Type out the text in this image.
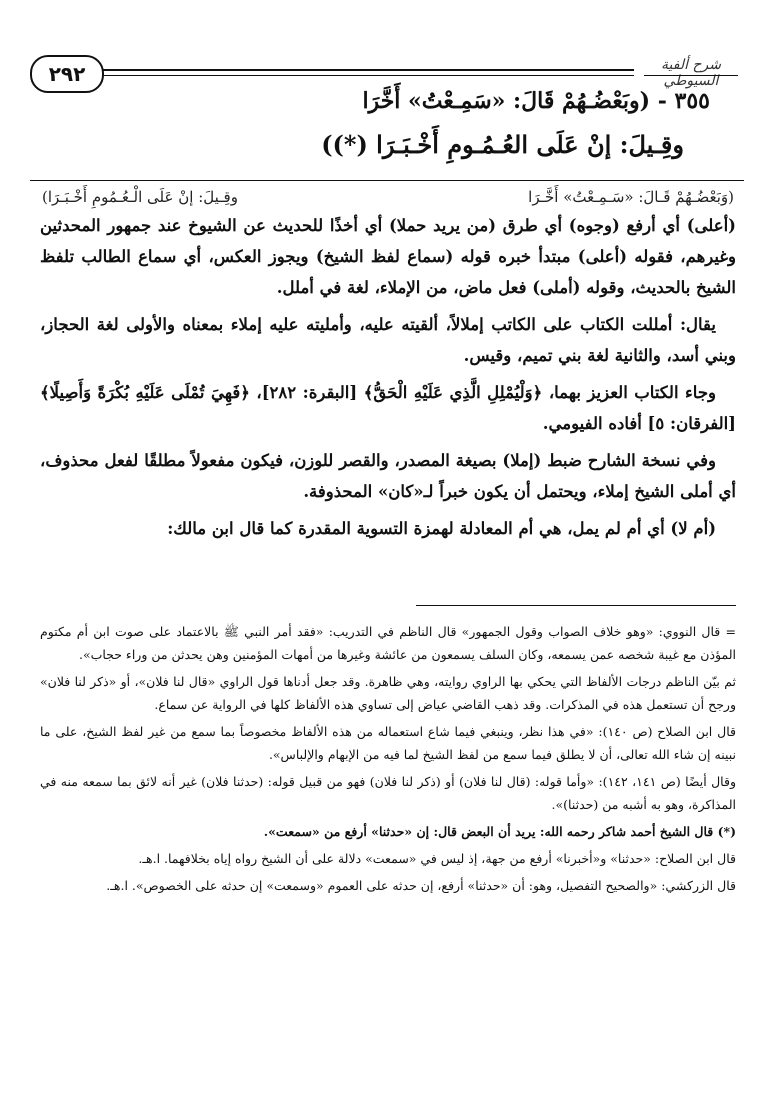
٢٩٢	شرح ألفية السيوطي
٣٥٥ - (وبَعْضُـهُمْ قَالَ: «سَمِـعْتُ» أَخَّرَا
وقِـيلَ: إنْ عَلَى العُـمُـومِ أَخْـبَـرَا (*))
(وَبَعْضُـهُمْ قَـالَ: «سَـمِـعْتُ» أَخَّـرَا
وقِـيلَ: إنْ عَلَى الْـعُـمُومِ أَخْـبَـرَا)

(أعلى) أي أرفع (وجوه) أي طرق (من يريد حملا) أي أخذًا للحديث عن الشيوخ عند جمهور المحدثين وغيرهم، فقوله (أعلى) مبتدأ خبره قوله (سماع لفظ الشيخ) ويجوز العكس، أي سماع الطالب تلفظ الشيخ بالحديث، وقوله (أملى) فعل ماض، من الإملاء، لغة في أملل.

يقال: أمللت الكتاب على الكاتب إملالاً، ألقيته عليه، وأمليته عليه إملاء بمعناه والأولى لغة الحجاز، وبني أسد، والثانية لغة بني تميم، وقيس.

وجاء الكتاب العزيز بهما، ﴿وَلْيُمْلِلِ الَّذِي عَلَيْهِ الْحَقُّ﴾ [البقرة: ٢٨٢]، ﴿فَهِيَ تُمْلَى عَلَيْهِ بُكْرَةً وَأَصِيلًا﴾ [الفرقان: ٥] أفاده الفيومي.

وفي نسخة الشارح ضبط (إملا) بصيغة المصدر، والقصر للوزن، فيكون مفعولاً مطلقًا لفعل محذوف، أي أملى الشيخ إملاء، ويحتمل أن يكون خبراً لـ«كان» المحذوفة.

(أم لا) أي أم لم يمل، هي أم المعادلة لهمزة التسوية المقدرة كما قال ابن مالك:

= قال النووي: «وهو خلاف الصواب وقول الجمهور» قال الناظم في التدريب: «فقد أمر النبي ﷺ بالاعتماد على صوت ابن أم مكتوم المؤذن مع غيبة شخصه عمن يسمعه، وكان السلف يسمعون من عائشة وغيرها من أمهات المؤمنين وهن يحدثن من وراء حجاب».

ثم بيّن الناظم درجات الألفاظ التي يحكي بها الراوي روايته، وهي ظاهرة. وقد جعل أدناها قول الراوي «قال لنا فلان»، أو «ذكر لنا فلان» ورجح أن تستعمل هذه في المذكرات. وقد ذهب القاضي عياض إلى تساوي هذه الألفاظ كلها في الرواية عن سماع.

قال ابن الصلاح (ص ١٤٠): «في هذا نظر، وينبغي فيما شاع استعماله من هذه الألفاظ مخصوصاً بما سمع من غير لفظ الشيخ، على ما نبينه إن شاء الله تعالى، أن لا يطلق فيما سمع من لفظ الشيخ لما فيه من الإبهام والإلباس».

وقال أيضًا (ص ١٤١، ١٤٢): «وأما قوله: (قال لنا فلان) أو (ذكر لنا فلان) فهو من قبيل قوله: (حدثنا فلان) غير أنه لائق بما سمعه منه في المذاكرة، وهو به أشبه من (حدثنا)».

(*) قال الشيخ أحمد شاكر رحمه الله: يريد أن البعض قال: إن «حدثنا» أرفع من «سمعت».

قال ابن الصلاح: «حدثنا» و«أخبرنا» أرفع من جهة، إذ ليس في «سمعت» دلالة على أن الشيخ رواه إياه بخلافهما. ا.هـ.

قال الزركشي: «والصحيح التفصيل، وهو: أن «حدثنا» أرفع، إن حدثه على العموم «وسمعت» إن حدثه على الخصوص». ا.هـ.
